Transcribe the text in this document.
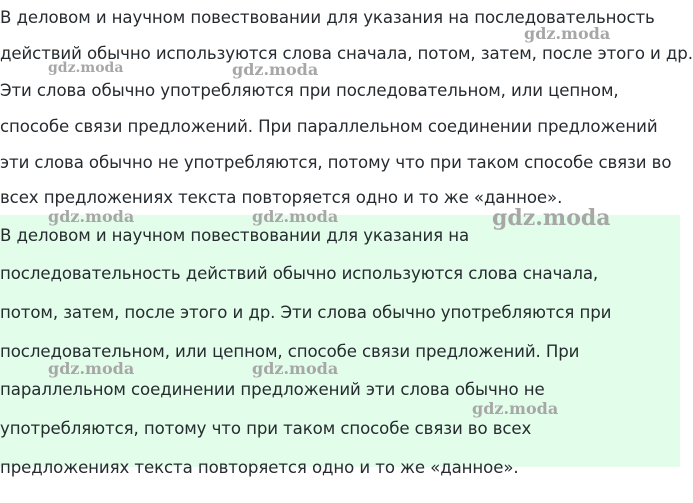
В деловом и научном повествовании для указания на последовательность
действий обычно используются слова сначала, потом, затем, после этого и др.
Эти слова обычно употребляются при последовательном, или цепном,
способе связи предложений. При параллельном соединении предложений
эти слова обычно не употребляются, потому что при таком способе связи во
всех предложениях текста повторяется одно и то же «данное».
В деловом и научном повествовании для указания на
последовательность действий обычно используются слова сначала,
потом, затем, после этого и др. Эти слова обычно употребляются при
последовательном, или цепном, способе связи предложений. При
параллельном соединении предложений эти слова обычно не
употребляются, потому что при таком способе связи во всех
предложениях текста повторяется одно и то же «данное».
gdz.moda
gdz.moda	gdz.moda
gdz.moda	gdz.moda	gdz.moda
gdz.moda	gdz.moda
gdz.moda
